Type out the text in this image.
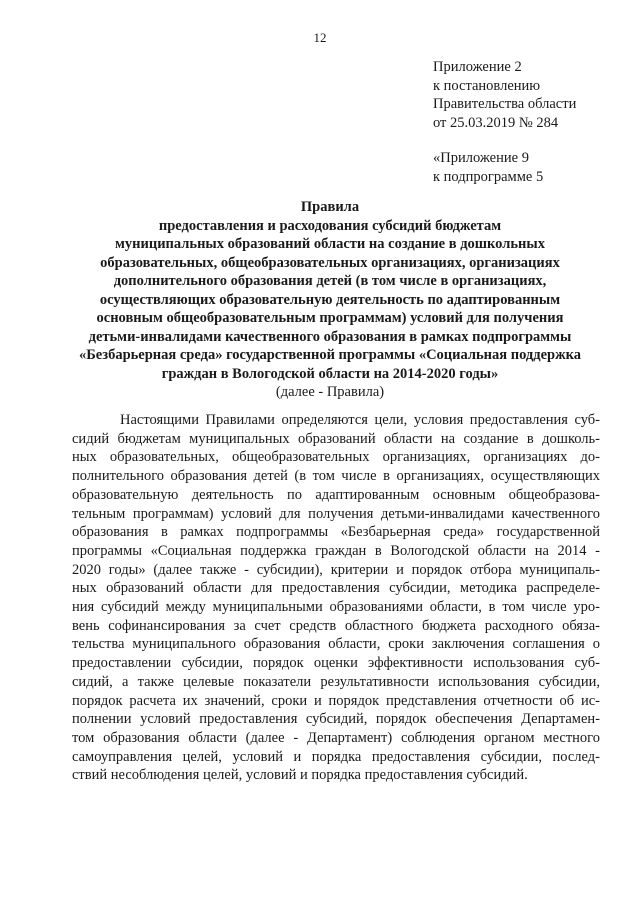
12
Приложение 2
к постановлению
Правительства области
от 25.03.2019 № 284
«Приложение 9
к подпрограмме 5
Правила
предоставления и расходования субсидий бюджетам
муниципальных образований области на создание в дошкольных
образовательных, общеобразовательных организациях, организациях
дополнительного образования детей (в том числе в организациях,
осуществляющих образовательную деятельность по адаптированным
основным общеобразовательным программам) условий для получения
детьми-инвалидами качественного образования в рамках подпрограммы
«Безбарьерная среда» государственной программы «Социальная поддержка
граждан в Вологодской области на 2014-2020 годы»
(далее - Правила)
Настоящими Правилами определяются цели, условия предоставления суб-
сидий бюджетам муниципальных образований области на создание в дошколь-
ных образовательных, общеобразовательных организациях, организациях до-
полнительного образования детей (в том числе в организациях, осуществляющих
образовательную деятельность по адаптированным основным общеобразова-
тельным программам) условий для получения детьми-инвалидами качественного
образования в рамках подпрограммы «Безбарьерная среда» государственной
программы «Социальная поддержка граждан в Вологодской области на 2014 -
2020 годы» (далее также - субсидии), критерии и порядок отбора муниципаль-
ных образований области для предоставления субсидии, методика распределе-
ния субсидий между муниципальными образованиями области, в том числе уро-
вень софинансирования за счет средств областного бюджета расходного обяза-
тельства муниципального образования области, сроки заключения соглашения о
предоставлении субсидии, порядок оценки эффективности использования суб-
сидий, а также целевые показатели результативности использования субсидии,
порядок расчета их значений, сроки и порядок представления отчетности об ис-
полнении условий предоставления субсидий, порядок обеспечения Департамен-
том образования области (далее - Департамент) соблюдения органом местного
самоуправления целей, условий и порядка предоставления субсидии, послед-
ствий несоблюдения целей, условий и порядка предоставления субсидий.
